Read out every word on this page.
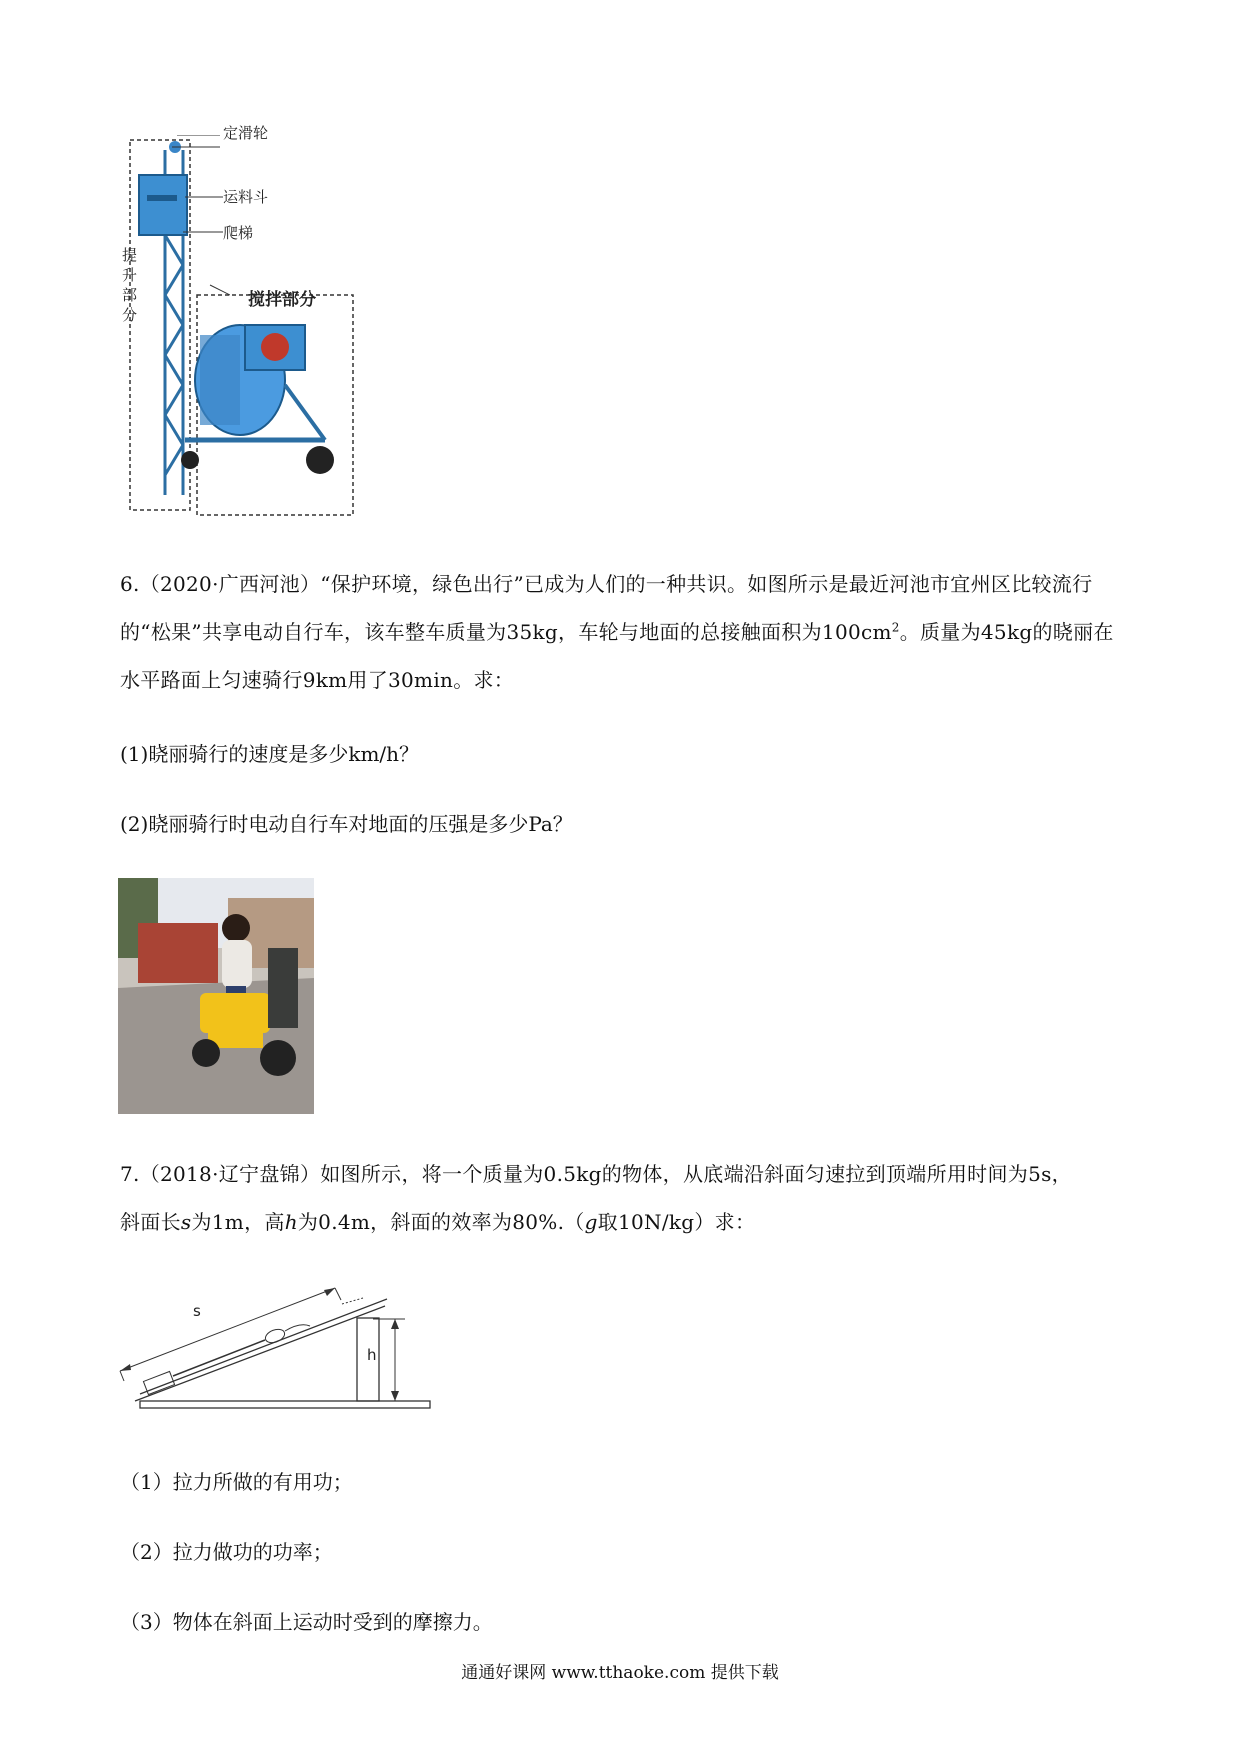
定滑轮
运料斗
爬梯
提
升
部
分
搅拌部分
6.（2020·广西河池）“保护环境，绿色出行”已成为人们的一种共识。如图所示是最近河池市宜州区比较流行的“松果”共享电动自行车，该车整车质量为35kg，车轮与地面的总接触面积为$100cm^2$。质量为45kg的晓丽在水平路面上匀速骑行9km用了30min。求：
(1)晓丽骑行的速度是多少km/h？
(2)晓丽骑行时电动自行车对地面的压强是多少Pa？
7.（2018·辽宁盘锦）如图所示，将一个质量为0.5kg的物体，从底端沿斜面匀速拉到顶端所用时间为5s，
斜面长s为1m，高h为0.4m，斜面的效率为80%.（g取10N/kg）求：
s
h
（1）拉力所做的有用功；
（2）拉力做功的功率；
（3）物体在斜面上运动时受到的摩擦力。
通通好课网 www.tthaoke.com 提供下载
